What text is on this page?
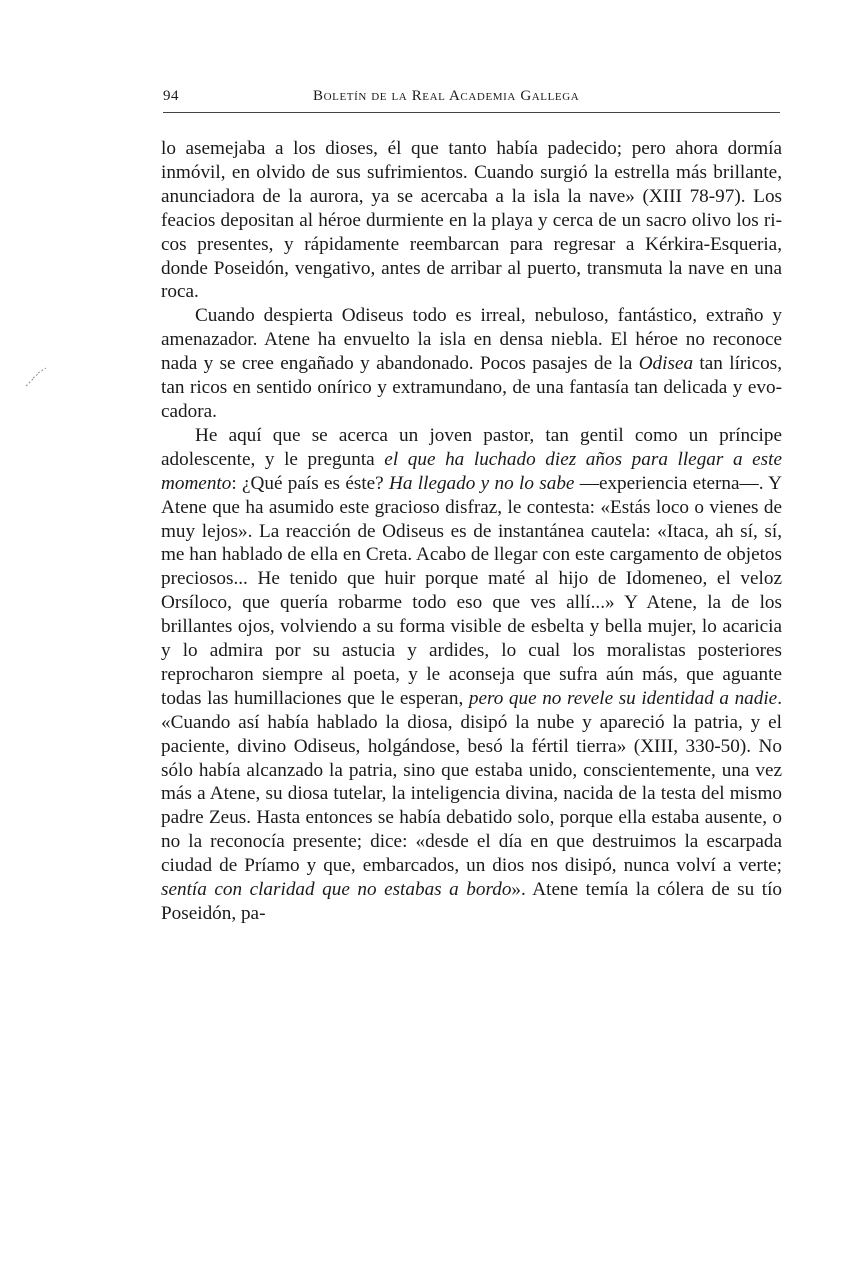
94	Boletín de la Real Academia Gallega

lo asemejaba a los dioses, él que tanto había padecido; pero ahora dormía inmóvil, en olvido de sus sufrimientos. Cuando surgió la estrella más brillante, anunciadora de la aurora, ya se acercaba a la isla la nave» (XIII 78-97). Los feacios depositan al héroe durmiente en la playa y cerca de un sacro olivo los ricos presentes, y rápidamente reembarcan para regresar a Kérkira-Esqueria, donde Poseidón, vengativo, antes de arribar al puerto, transmuta la nave en una roca.

Cuando despierta Odiseus todo es irreal, nebuloso, fantástico, extraño y amenazador. Atene ha envuelto la isla en densa niebla. El héroe no reconoce nada y se cree engañado y abandonado. Pocos pasajes de la Odisea tan líricos, tan ricos en sentido onírico y extramundano, de una fantasía tan delicada y evocadora.

He aquí que se acerca un joven pastor, tan gentil como un príncipe adolescente, y le pregunta el que ha luchado diez años para llegar a este momento: ¿Qué país es éste? Ha llegado y no lo sabe —experiencia eterna—. Y Atene que ha asumido este gracioso disfraz, le contesta: «Estás loco o vienes de muy lejos». La reacción de Odiseus es de instantánea cautela: «Itaca, ah sí, sí, me han hablado de ella en Creta. Acabo de llegar con este cargamento de objetos preciosos... He tenido que huir porque maté al hijo de Idomeneo, el veloz Orsíloco, que quería robarme todo eso que ves allí...» Y Atene, la de los brillantes ojos, volviendo a su forma visible de esbelta y bella mujer, lo acaricia y lo admira por su astucia y ardides, lo cual los moralistas posteriores reprocharon siempre al poeta, y le aconseja que sufra aún más, que aguante todas las humillaciones que le esperan, pero que no revele su identidad a nadie. «Cuando así había hablado la diosa, disipó la nube y apareció la patria, y el paciente, divino Odiseus, holgándose, besó la fértil tierra» (XIII, 330-50). No sólo había alcanzado la patria, sino que estaba unido, conscientemente, una vez más a Atene, su diosa tutelar, la inteligencia divina, nacida de la testa del mismo padre Zeus. Hasta entonces se había debatido solo, porque ella estaba ausente, o no la reconocía presente; dice: «desde el día en que destruimos la escarpada ciudad de Príamo y que, embarcados, un dios nos disipó, nunca volví a verte; sentía con claridad que no estabas a bordo». Atene temía la cólera de su tío Poseidón, pa-
